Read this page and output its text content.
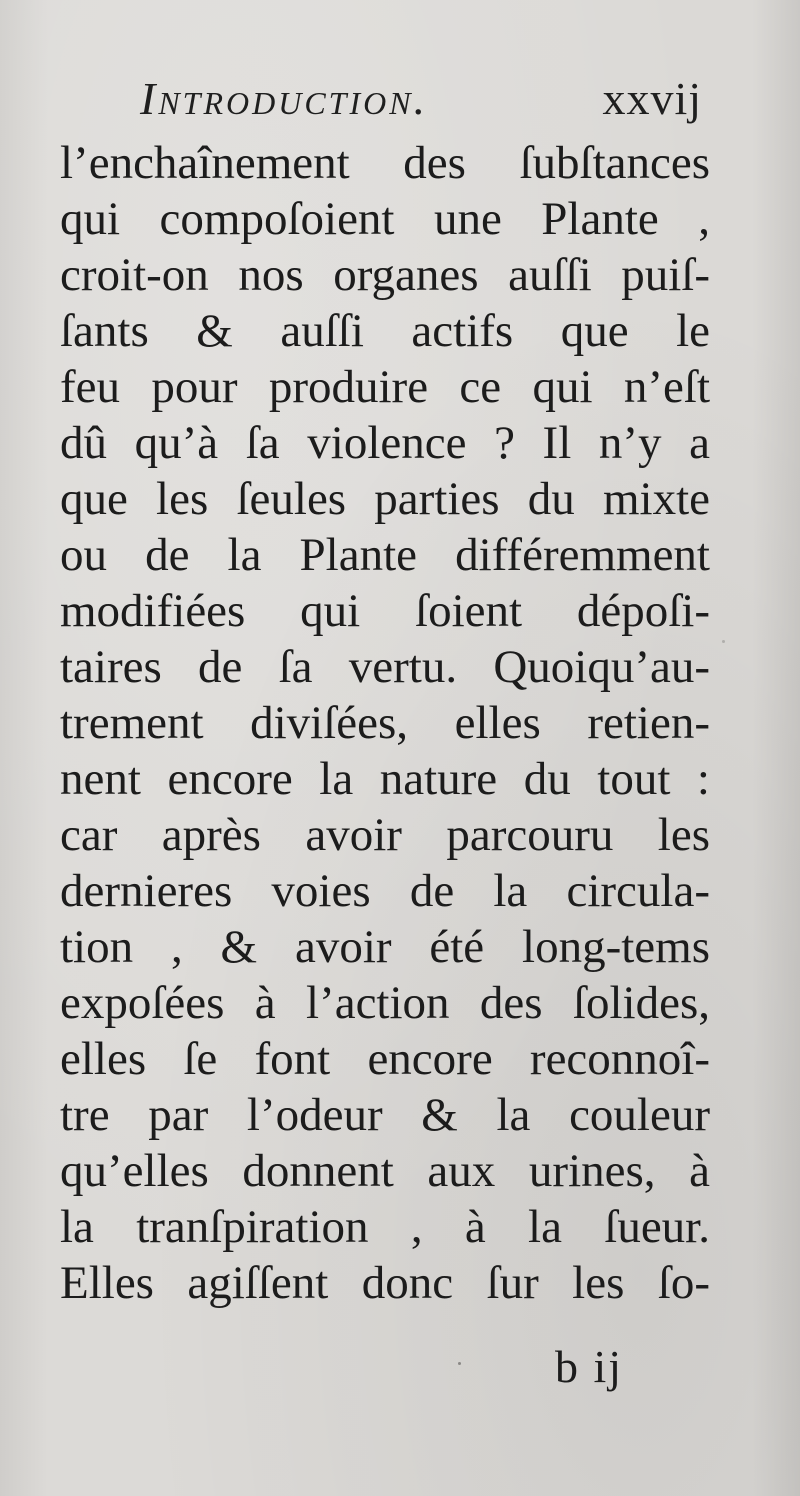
Introduction.	xxvij
l’enchaînement des ſubſtances
qui compoſoient une Plante ,
croit-on nos organes auſſi puiſ-
ſants & auſſi actifs que le
feu pour produire ce qui n’eſt
dû qu’à ſa violence ? Il n’y a
que les ſeules parties du mixte
ou de la Plante différemment
modifiées qui ſoient dépoſi-
taires de ſa vertu. Quoiqu’au-
trement diviſées, elles retien-
nent encore la nature du tout :
car après avoir parcouru les
dernieres voies de la circula-
tion , & avoir été long-tems
expoſées à l’action des ſolides,
elles ſe font encore reconnoî-
tre par l’odeur & la couleur
qu’elles donnent aux urines, à
la tranſpiration , à la ſueur.
Elles agiſſent donc ſur les ſo-
b ij
